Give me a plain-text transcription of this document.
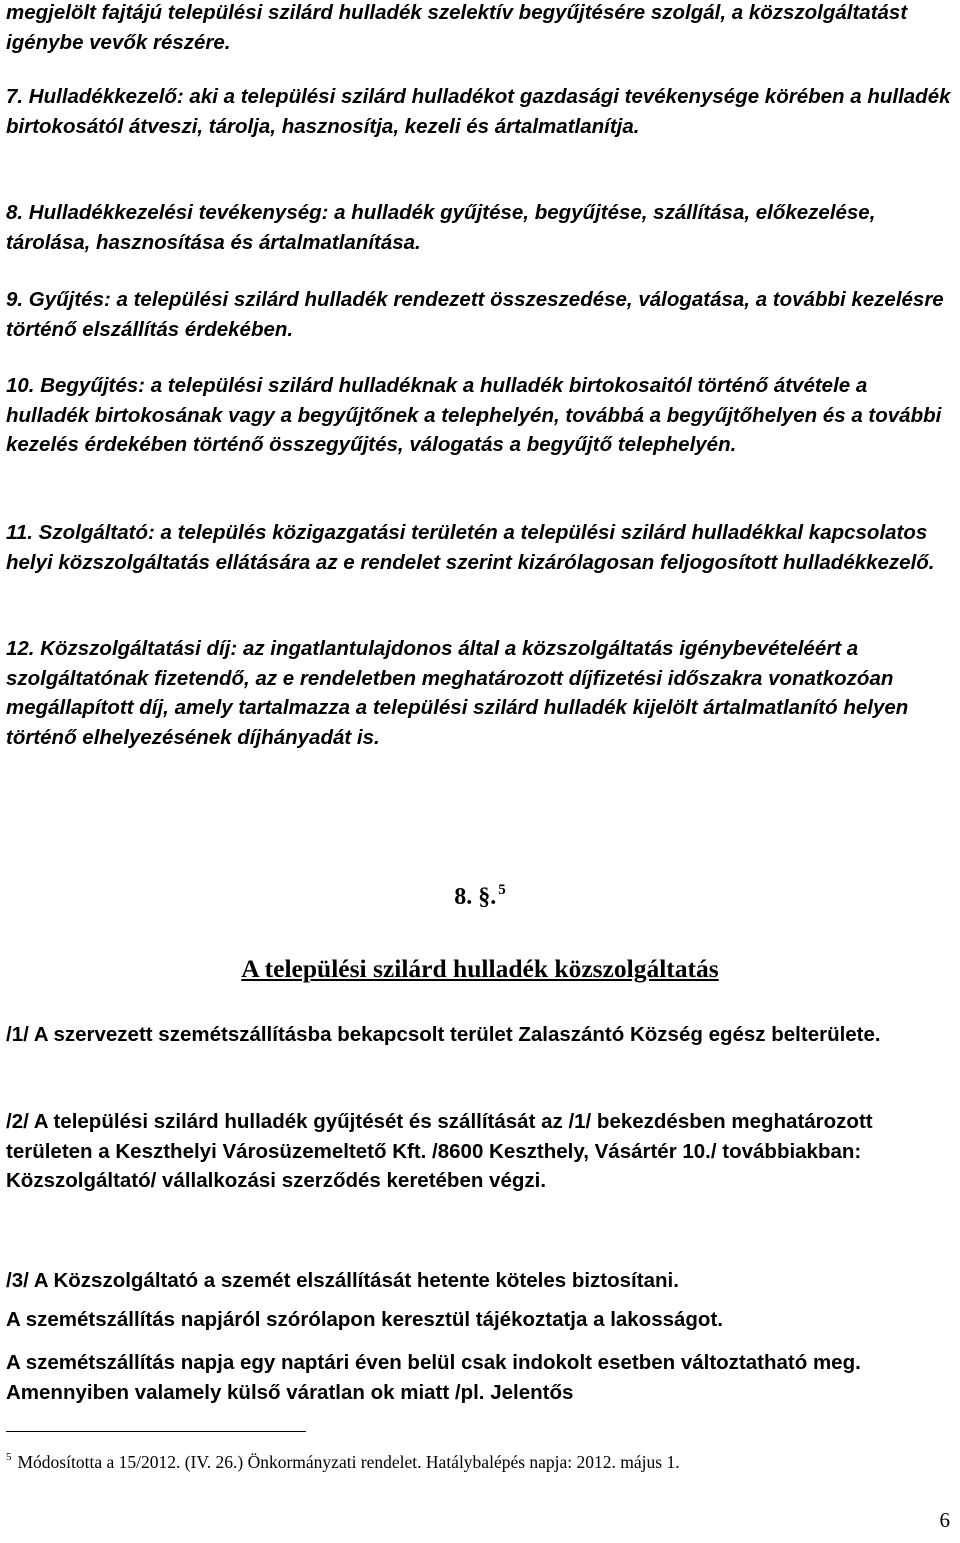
megjelölt fajtájú települési szilárd hulladék szelektív begyűjtésére szolgál, a közszolgáltatást igénybe vevők részére.

7. Hulladékkezelő: aki a települési szilárd hulladékot gazdasági tevékenysége körében a hulladék birtokosától átveszi, tárolja, hasznosítja, kezeli és ártalmatlanítja.

8. Hulladékkezelési tevékenység: a hulladék gyűjtése, begyűjtése, szállítása, előkezelése, tárolása, hasznosítása és ártalmatlanítása.

9. Gyűjtés: a települési szilárd hulladék rendezett összeszedése, válogatása, a további kezelésre történő elszállítás érdekében.

10. Begyűjtés: a települési szilárd hulladéknak a hulladék birtokosaitól történő átvétele a hulladék birtokosának vagy a begyűjtőnek a telephelyén, továbbá a begyűjtőhelyen és a további kezelés érdekében történő összegyűjtés, válogatás a begyűjtő telephelyén.

11. Szolgáltató: a település közigazgatási területén a települési szilárd hulladékkal kapcsolatos helyi közszolgáltatás ellátására az e rendelet szerint kizárólagosan feljogosított hulladékkezelő.

12. Közszolgáltatási díj: az ingatlantulajdonos által a közszolgáltatás igénybevételéért a szolgáltatónak fizetendő, az e rendeletben meghatározott díjfizetési időszakra vonatkozóan megállapított díj, amely tartalmazza a települési szilárd hulladék kijelölt ártalmatlanító helyen történő elhelyezésének díjhányadát is.

8. §. $^5$
A települési szilárd hulladék közszolgáltatás
/1/ A szervezett szemétszállításba bekapcsolt terület Zalaszántó Község egész belterülete.

/2/ A települési szilárd hulladék gyűjtését és szállítását az /1/ bekezdésben meghatározott területen a Keszthelyi Városüzemeltető Kft. /8600 Keszthely, Vásártér 10./ továbbiakban: Közszolgáltató/ vállalkozási szerződés keretében végzi.

/3/ A Közszolgáltató a szemét elszállítását hetente köteles biztosítani.

A szemétszállítás napjáról szórólapon keresztül tájékoztatja a lakosságot.

A szemétszállítás napja egy naptári éven belül csak indokolt esetben változtatható meg. Amennyiben valamely külső váratlan ok miatt /pl. Jelentős

$^5$ Módosította a 15/2012. (IV. 26.) Önkormányzati rendelet. Hatálybalépés napja: 2012. május 1.
6
